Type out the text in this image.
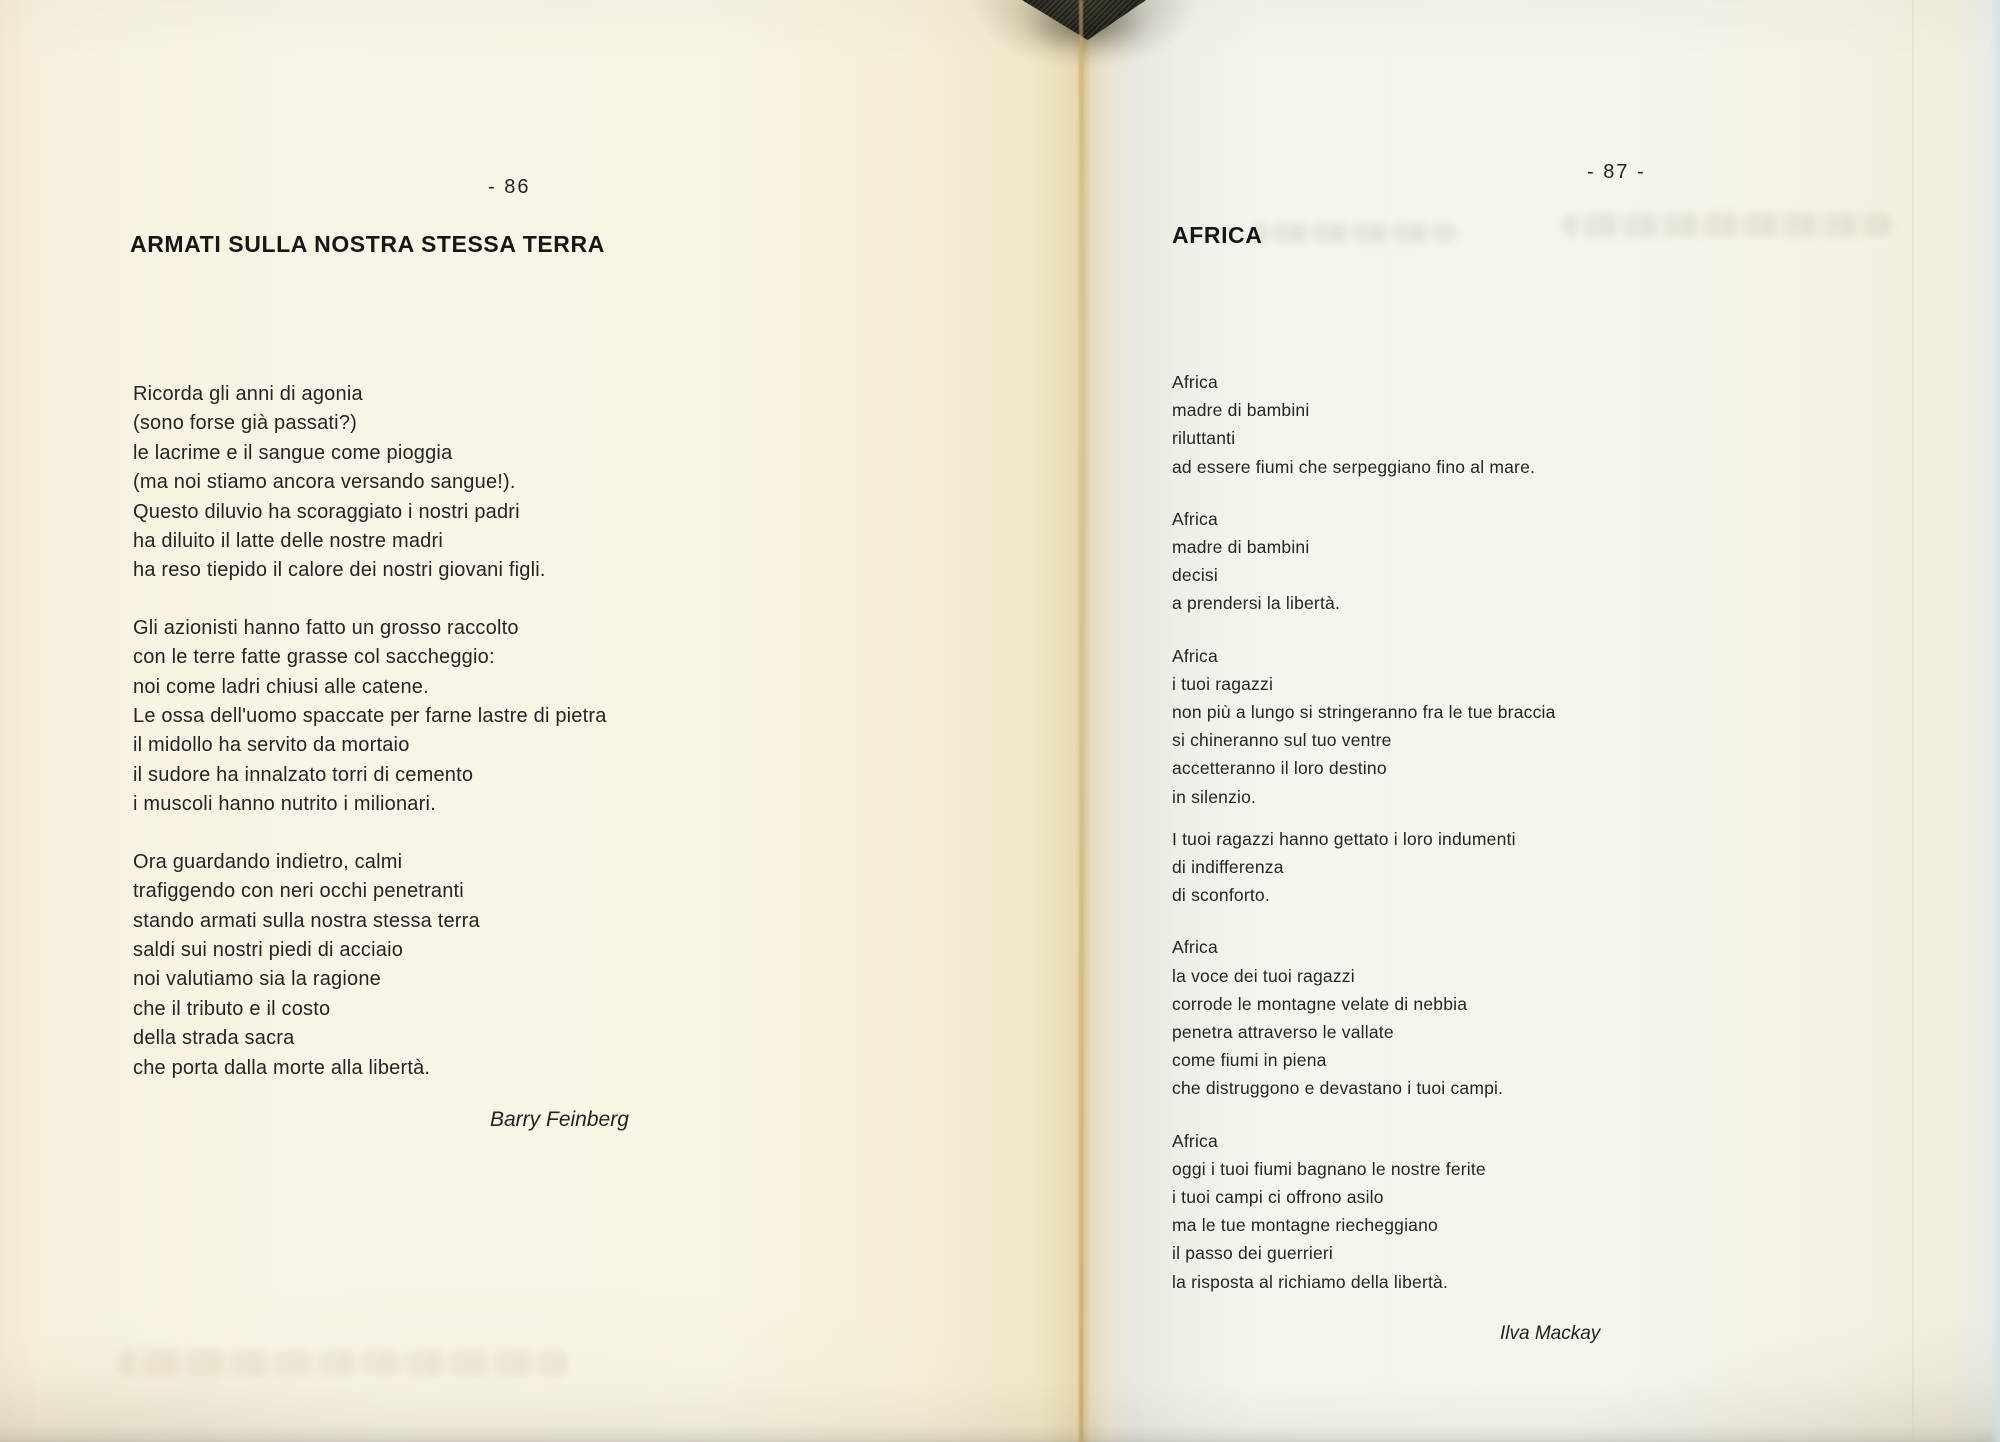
- 86
ARMATI SULLA NOSTRA STESSA TERRA
Ricorda gli anni di agonia
(sono forse già passati?)
le lacrime e il sangue come pioggia
(ma noi stiamo ancora versando sangue!).
Questo diluvio ha scoraggiato i nostri padri
ha diluito il latte delle nostre madri
ha reso tiepido il calore dei nostri giovani figli.
Gli azionisti hanno fatto un grosso raccolto
con le terre fatte grasse col saccheggio:
noi come ladri chiusi alle catene.
Le ossa dell'uomo spaccate per farne lastre di pietra
il midollo ha servito da mortaio
il sudore ha innalzato torri di cemento
i muscoli hanno nutrito i milionari.
Ora guardando indietro, calmi
trafiggendo con neri occhi penetranti
stando armati sulla nostra stessa terra
saldi sui nostri piedi di acciaio
noi valutiamo sia la ragione
che il tributo e il costo
della strada sacra
che porta dalla morte alla libertà.
Barry Feinberg
- 87 -
AFRICA
Africa
madre di bambini
riluttanti
ad essere fiumi che serpeggiano fino al mare.
Africa
madre di bambini
decisi
a prendersi la libertà.
Africa
i tuoi ragazzi
non più a lungo si stringeranno fra le tue braccia
si chineranno sul tuo ventre
accetteranno il loro destino
in silenzio.
I tuoi ragazzi hanno gettato i loro indumenti
di indifferenza
di sconforto.
Africa
la voce dei tuoi ragazzi
corrode le montagne velate di nebbia
penetra attraverso le vallate
come fiumi in piena
che distruggono e devastano i tuoi campi.
Africa
oggi i tuoi fiumi bagnano le nostre ferite
i tuoi campi ci offrono asilo
ma le tue montagne riecheggiano
il passo dei guerrieri
la risposta al richiamo della libertà.
Ilva Mackay
